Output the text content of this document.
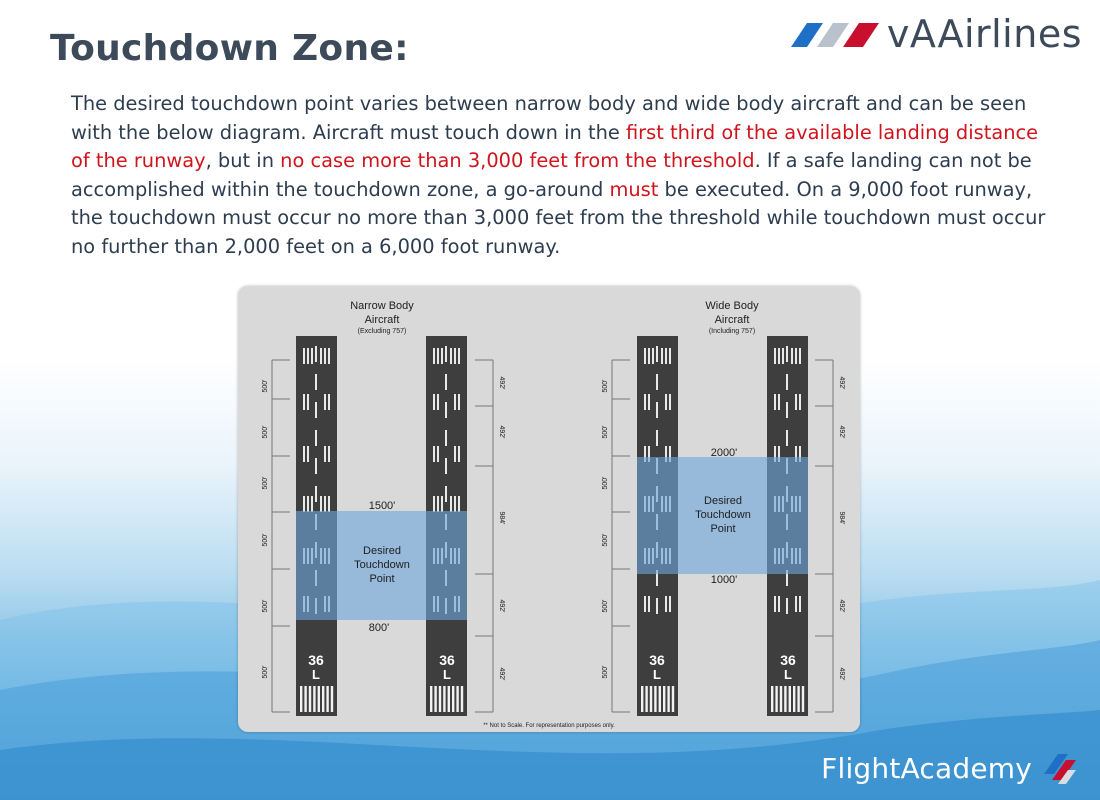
Touchdown Zone:	vAAirlines

The desired touchdown point varies between narrow body and wide body aircraft and can be seen with the below diagram. Aircraft must touch down in the first third of the available landing distance of the runway, but in no case more than 3,000 feet from the threshold. If a safe landing can not be accomplished within the touchdown zone, a go-around must be executed. On a 9,000 foot runway, the touchdown must occur no more than 3,000 feet from the threshold while touchdown must occur no further than 2,000 feet on a 6,000 foot runway.

Narrow Body
Aircraft
(Excluding 757)
500'
500'
500'
500'
500'
500'
492'
492'
984'
492'
492'
Wide Body
Aircraft
(Including 757)
500'
500'
500'
500'
500'
500'
492'
492'
984'
492'
492'
1500'
Desired
Touchdown
Point
800'
2000'
Desired
Touchdown
Point
1000'
36
L
36
L
36
L
36
L
** Not to Scale. For representation purposes only.
FlightAcademy
